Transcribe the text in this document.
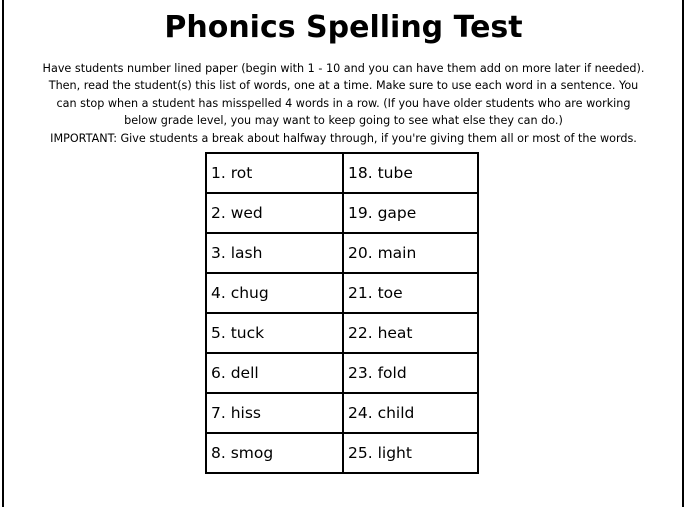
Phonics Spelling Test

Have students number lined paper (begin with 1 - 10 and you can have them add on more later if needed).

Then, read the student(s) this list of words, one at a time. Make sure to use each word in a sentence. You

can stop when a student has misspelled 4 words in a row. (If you have older students who are working

below grade level, you may want to keep going to see what else they can do.)

IMPORTANT: Give students a break about halfway through, if you're giving them all or most of the words.

1. rot	18. tube
2. wed	19. gape
3. lash	20. main
4. chug	21. toe
5. tuck	22. heat
6. dell	23. fold
7. hiss	24. child
8. smog	25. light
